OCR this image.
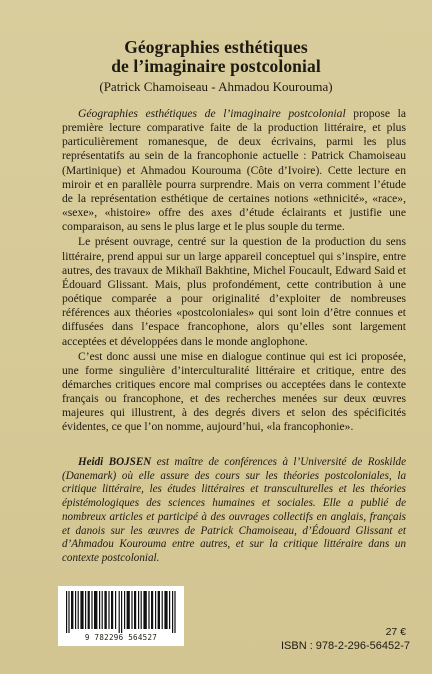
Géographies esthétiques
de l’imaginaire postcolonial
(Patrick Chamoiseau - Ahmadou Kourouma)

Géographies esthétiques de l’imaginaire postcolonial propose la première lecture comparative faite de la production littéraire, et plus particulièrement romanesque, de deux écrivains, parmi les plus représentatifs au sein de la francophonie actuelle : Patrick Chamoiseau (Martinique) et Ahmadou Kourouma (Côte d’Ivoire). Cette lecture en miroir et en parallèle pourra surprendre. Mais on verra comment l’étude de la représentation esthétique de certaines notions «ethnicité», «race», «sexe», «histoire» offre des axes d’étude éclairants et justifie une comparaison, au sens le plus large et le plus souple du terme.

Le présent ouvrage, centré sur la question de la production du sens littéraire, prend appui sur un large appareil conceptuel qui s’inspire, entre autres, des travaux de Mikhaïl Bakhtine, Michel Foucault, Edward Said et Édouard Glissant. Mais, plus profondément, cette contribution à une poétique comparée a pour originalité d’exploiter de nombreuses références aux théories «postcoloniales» qui sont loin d’être connues et diffusées dans l’espace francophone, alors qu’elles sont largement acceptées et développées dans le monde anglophone.

C’est donc aussi une mise en dialogue continue qui est ici proposée, une forme singulière d’interculturalité littéraire et critique, entre des démarches critiques encore mal comprises ou acceptées dans le contexte français ou francophone, et des recherches menées sur deux œuvres majeures qui illustrent, à des degrés divers et selon des spécificités évidentes, ce que l’on nomme, aujourd’hui, «la francophonie».

Heidi BOJSEN est maître de conférences à l’Université de Roskilde (Danemark) où elle assure des cours sur les théories postcoloniales, la critique littéraire, les études littéraires et transculturelles et les théories épistémologiques des sciences humaines et sociales. Elle a publié de nombreux articles et participé à des ouvrages collectifs en anglais, français et danois sur les œuvres de Patrick Chamoiseau, d’Édouard Glissant et d’Ahmadou Kourouma entre autres, et sur la critique littéraire dans un contexte postcolonial.
9 782296 564527	27 €
ISBN : 978-2-296-56452-7
